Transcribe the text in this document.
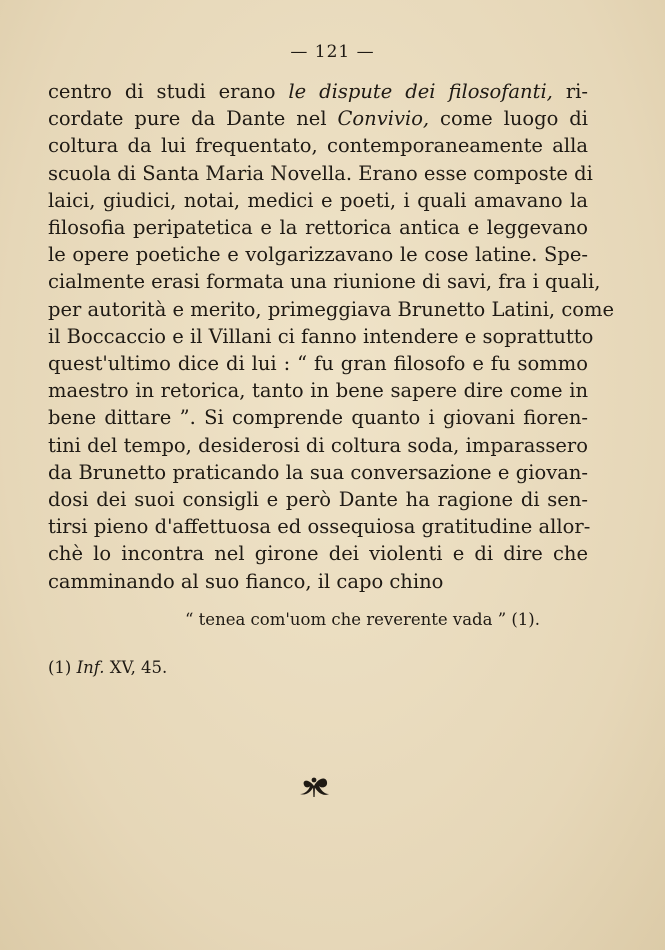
— 121 —
centro di studi erano le dispute dei filosofanti, ri-
cordate pure da Dante nel Convivio, come luogo di
coltura da lui frequentato, contemporaneamente alla
scuola di Santa Maria Novella. Erano esse composte di
laici, giudici, notai, medici e poeti, i quali amavano la
filosofia peripatetica e la rettorica antica e leggevano
le opere poetiche e volgarizzavano le cose latine. Spe-
cialmente erasi formata una riunione di savi, fra i quali,
per autorità e merito, primeggiava Brunetto Latini, come
il Boccaccio e il Villani ci fanno intendere e soprattutto
quest'ultimo dice di lui : “ fu gran filosofo e fu sommo
maestro in retorica, tanto in bene sapere dire come in
bene dittare ”. Si comprende quanto i giovani fioren-
tini del tempo, desiderosi di coltura soda, imparassero
da Brunetto praticando la sua conversazione e giovan-
dosi dei suoi consigli e però Dante ha ragione di sen-
tirsi pieno d'affettuosa ed ossequiosa gratitudine allor-
chè lo incontra nel girone dei violenti e di dire che
camminando al suo fianco, il capo chino
“ tenea com'uom che reverente vada ” (1).
(1) Inf. XV, 45.
